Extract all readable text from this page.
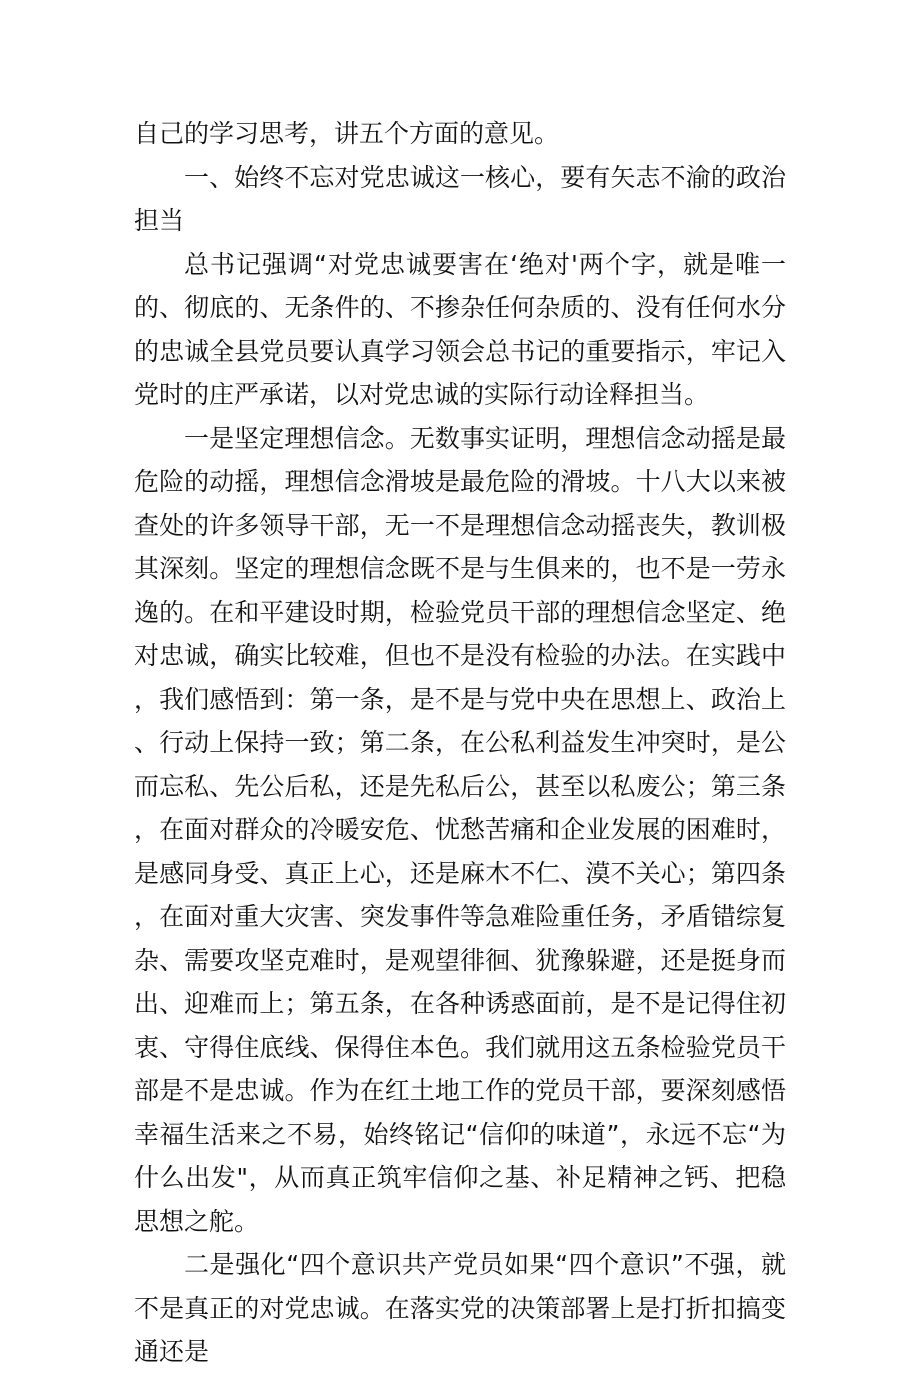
自己的学习思考，讲五个方面的意见。

一、始终不忘对党忠诚这一核心，要有矢志不渝的政治担当

总书记强调“对党忠诚要害在‘绝对'两个字，就是唯一的、彻底的、无条件的、不掺杂任何杂质的、没有任何水分的忠诚全县党员要认真学习领会总书记的重要指示，牢记入党时的庄严承诺，以对党忠诚的实际行动诠释担当。

一是坚定理想信念。无数事实证明，理想信念动摇是最危险的动摇，理想信念滑坡是最危险的滑坡。十八大以来被查处的许多领导干部，无一不是理想信念动摇丧失，教训极其深刻。坚定的理想信念既不是与生俱来的，也不是一劳永逸的。在和平建设时期，检验党员干部的理想信念坚定、绝对忠诚，确实比较难，但也不是没有检验的办法。在实践中，我们感悟到：第一条，是不是与党中央在思想上、政治上、行动上保持一致；第二条，在公私利益发生冲突时，是公而忘私、先公后私，还是先私后公，甚至以私废公；第三条，在面对群众的冷暖安危、忧愁苦痛和企业发展的困难时，是感同身受、真正上心，还是麻木不仁、漠不关心；第四条，在面对重大灾害、突发事件等急难险重任务，矛盾错综复杂、需要攻坚克难时，是观望徘徊、犹豫躲避，还是挺身而出、迎难而上；第五条，在各种诱惑面前，是不是记得住初衷、守得住底线、保得住本色。我们就用这五条检验党员干部是不是忠诚。作为在红土地工作的党员干部，要深刻感悟幸福生活来之不易，始终铭记“信仰的味道”，永远不忘“为什么出发"，从而真正筑牢信仰之基、补足精神之钙、把稳思想之舵。

二是强化“四个意识共产党员如果“四个意识”不强，就不是真正的对党忠诚。在落实党的决策部署上是打折扣搞变通还是
